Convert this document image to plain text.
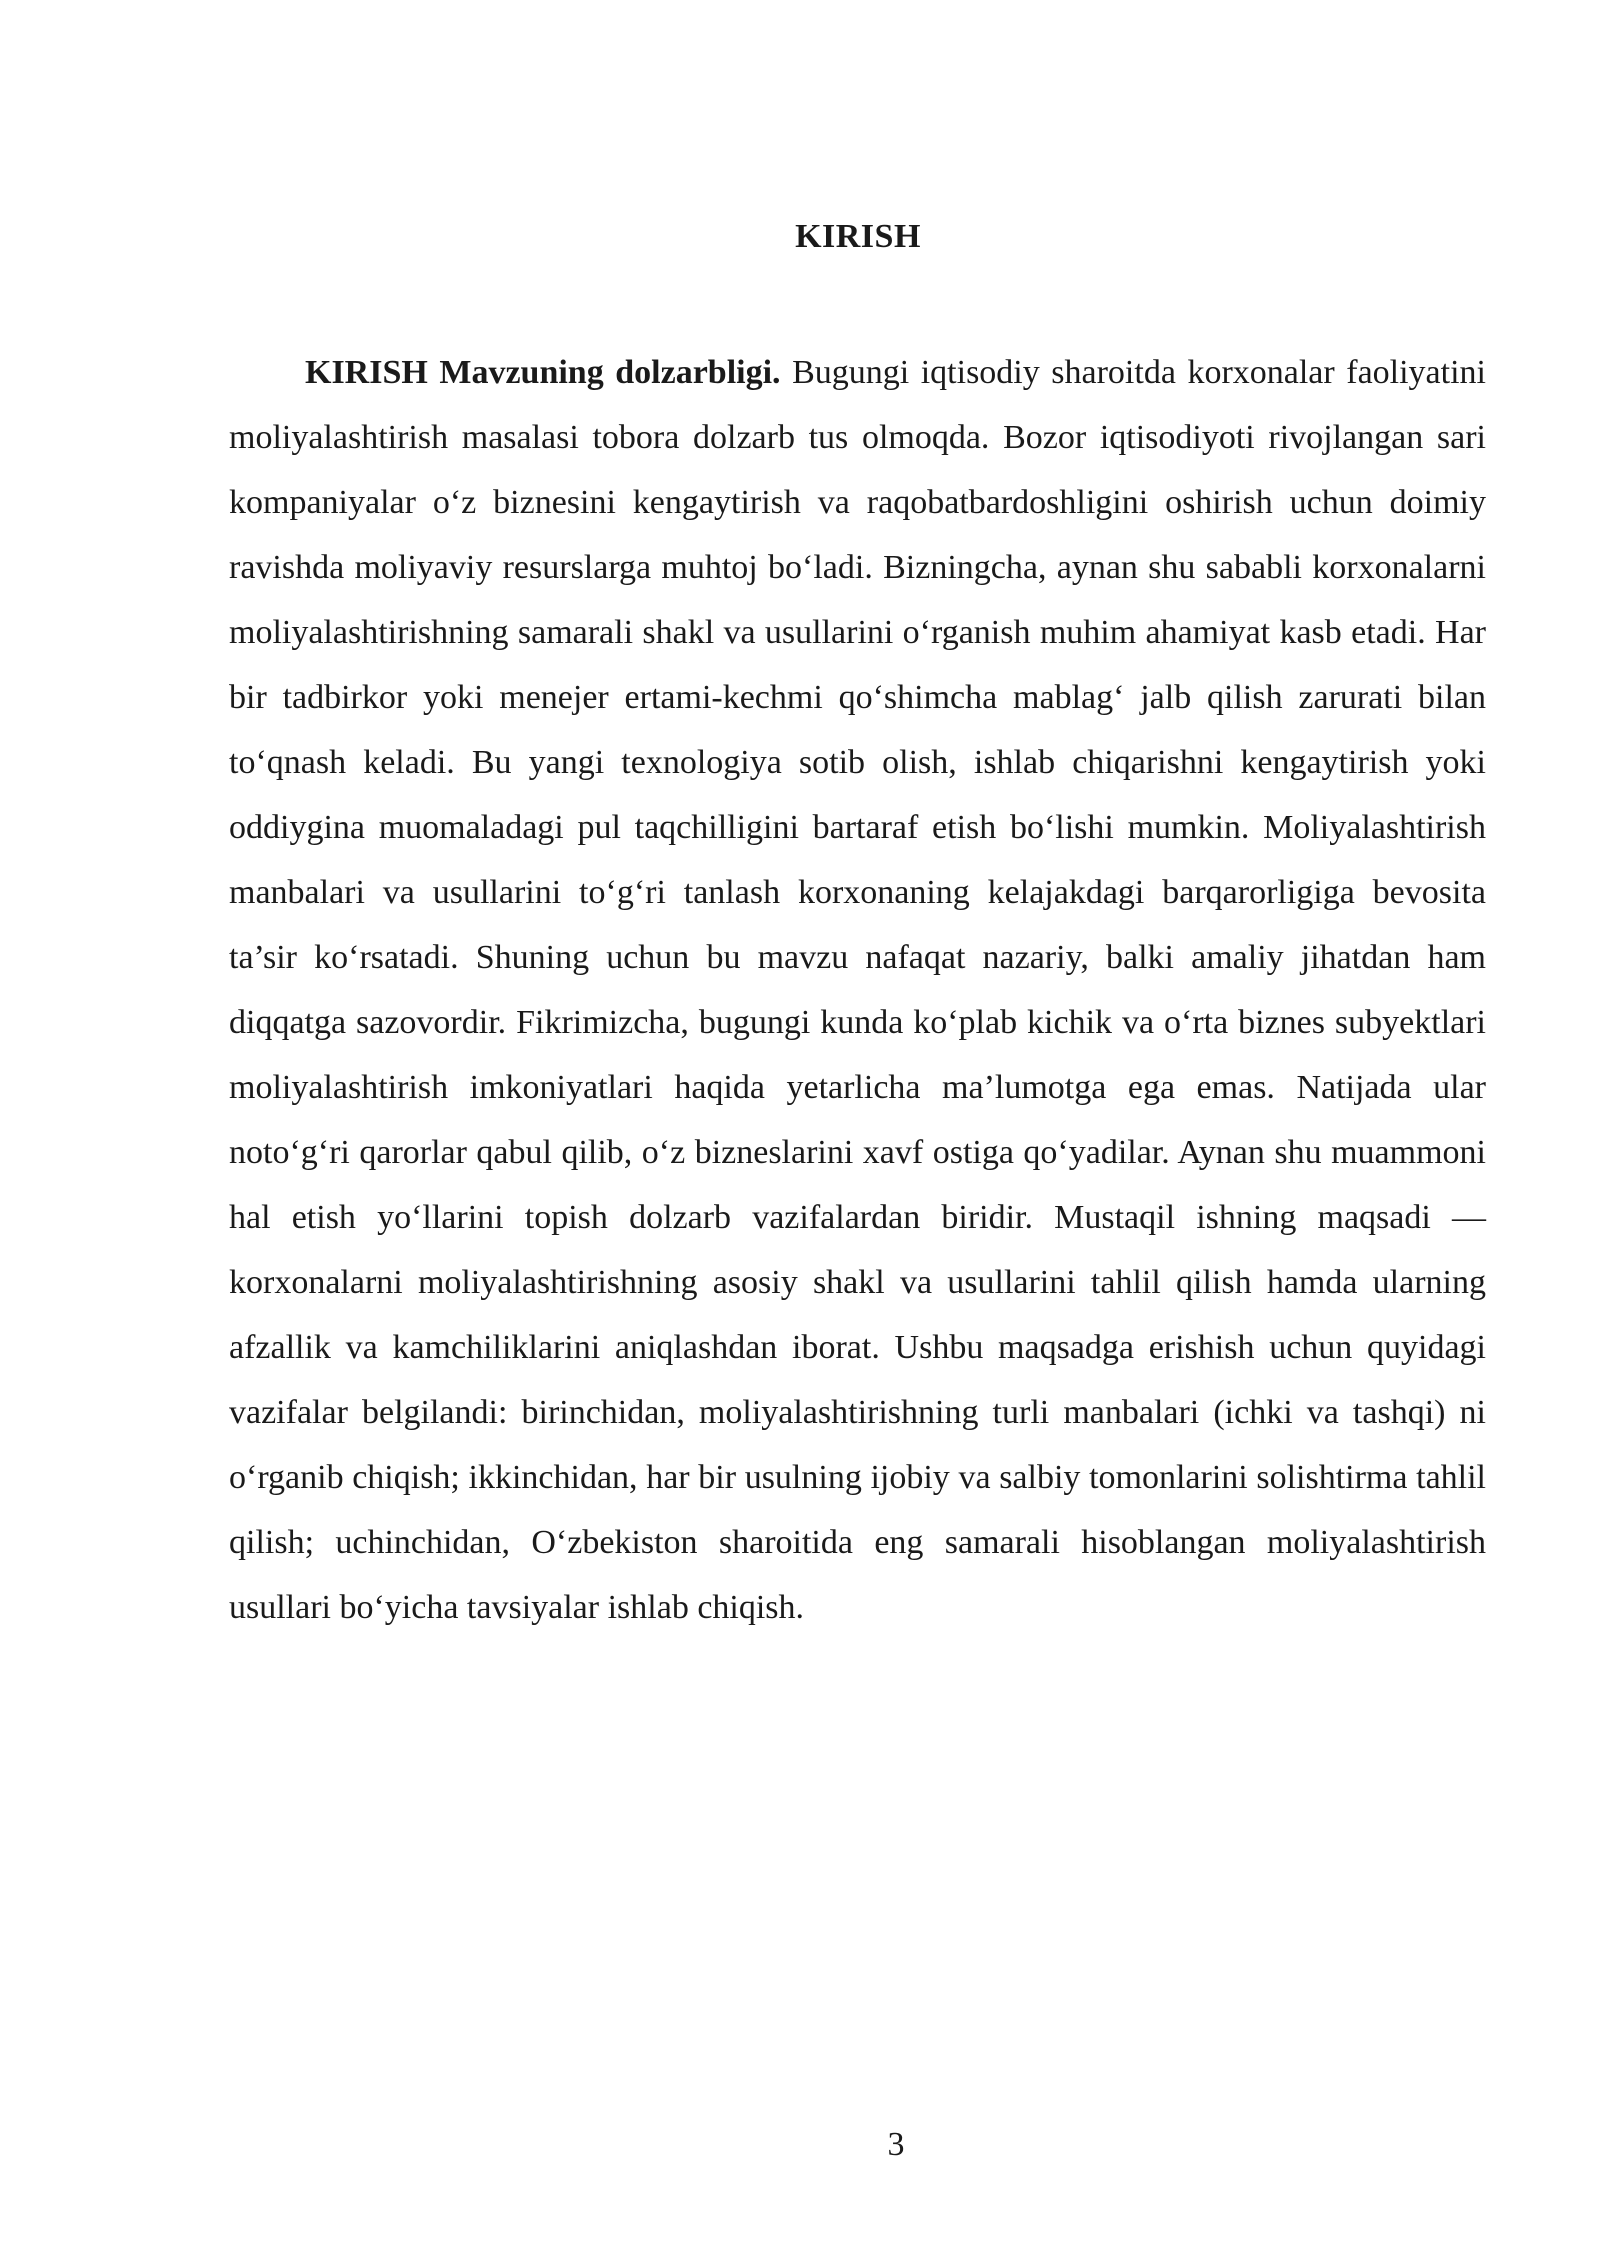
KIRISH

KIRISH Mavzuning dolzarbligi. Bugungi iqtisodiy sharoitda korxonalar faoliyatini moliyalashtirish masalasi tobora dolzarb tus olmoqda. Bozor iqtisodiyoti rivojlangan sari kompaniyalar o‘z biznesini kengaytirish va raqobatbardoshligini oshirish uchun doimiy ravishda moliyaviy resurslarga muhtoj bo‘ladi. Bizningcha, aynan shu sababli korxonalarni moliyalashtirishning samarali shakl va usullarini o‘rganish muhim ahamiyat kasb etadi. Har bir tadbirkor yoki menejer ertami-kechmi qo‘shimcha mablag‘ jalb qilish zarurati bilan to‘qnash keladi. Bu yangi texnologiya sotib olish, ishlab chiqarishni kengaytirish yoki oddiygina muomaladagi pul taqchilligini bartaraf etish bo‘lishi mumkin. Moliyalashtirish manbalari va usullarini to‘g‘ri tanlash korxonaning kelajakdagi barqarorligiga bevosita ta’sir ko‘rsatadi. Shuning uchun bu mavzu nafaqat nazariy, balki amaliy jihatdan ham diqqatga sazovordir. Fikrimizcha, bugungi kunda ko‘plab kichik va o‘rta biznes subyektlari moliyalashtirish imkoniyatlari haqida yetarlicha ma’lumotga ega emas. Natijada ular noto‘g‘ri qarorlar qabul qilib, o‘z bizneslarini xavf ostiga qo‘yadilar. Aynan shu muammoni hal etish yo‘llarini topish dolzarb vazifalardan biridir. Mustaqil ishning maqsadi — korxonalarni moliyalashtirishning asosiy shakl va usullarini tahlil qilish hamda ularning afzallik va kamchiliklarini aniqlashdan iborat. Ushbu maqsadga erishish uchun quyidagi vazifalar belgilandi: birinchidan, moliyalashtirishning turli manbalari (ichki va tashqi) ni o‘rganib chiqish; ikkinchidan, har bir usulning ijobiy va salbiy tomonlarini solishtirma tahlil qilish; uchinchidan, O‘zbekiston sharoitida eng samarali hisoblangan moliyalashtirish usullari bo‘yicha tavsiyalar ishlab chiqish.

3
